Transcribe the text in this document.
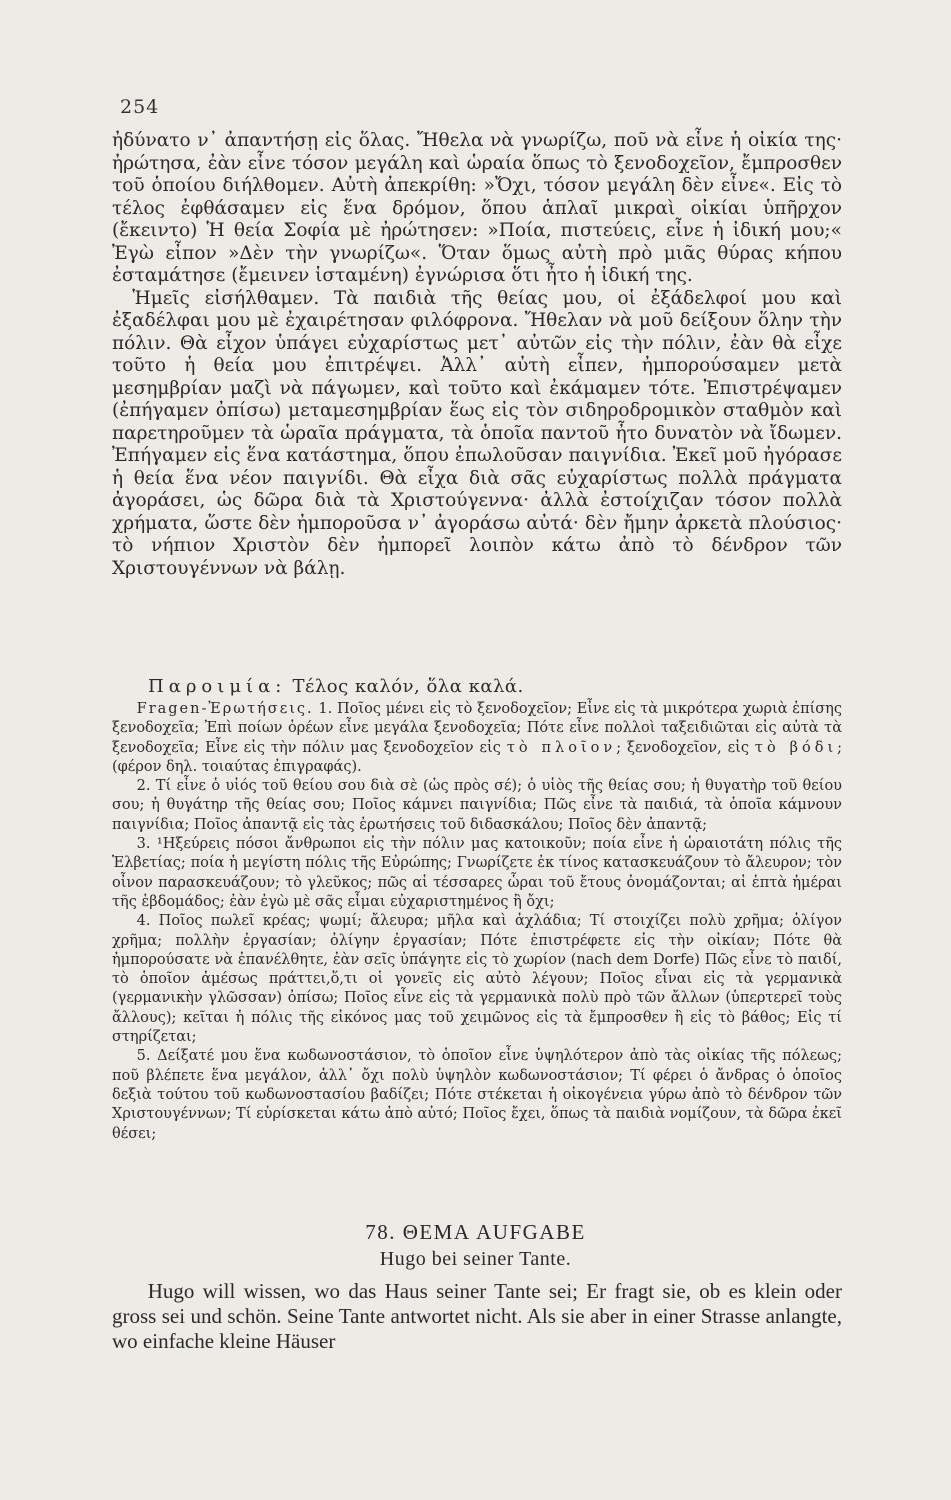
254

ἠδύνατο ν᾿ ἀπαντήσῃ εἰς ὅλας. Ἤθελα νὰ γνωρίζω, ποῦ νὰ εἶνε ἡ οἰκία της· ἠρώτησα, ἐὰν εἶνε τόσον μεγάλη καὶ ὡραία ὅπως τὸ ξενοδοχεῖον, ἔμπροσθεν τοῦ ὁποίου διήλθομεν. Αὐτὴ ἀπεκρίθη: »Ὄχι, τόσον μεγάλη δὲν εἶνε«. Εἰς τὸ τέλος ἐφθάσαμεν εἰς ἕνα δρόμον, ὅπου ἁπλαῖ μικραὶ οἰκίαι ὑπῆρχον (ἔκειντο) Ἡ θεία Σοφία μὲ ἠρώτησεν: »Ποία, πιστεύεις, εἶνε ἡ ἰδική μου;« Ἐγὼ εἶπον »Δὲν τὴν γνωρίζω«. Ὅταν ὅμως αὐτὴ πρὸ μιᾶς θύρας κήπου ἐσταμάτησε (ἔμεινεν ἱσταμένη) ἐγνώρισα ὅτι ἦτο ἡ ἰδική της.

Ἡμεῖς εἰσήλθαμεν. Τὰ παιδιὰ τῆς θείας μου, οἱ ἐξάδελφοί μου καὶ ἐξαδέλφαι μου μὲ ἐχαιρέτησαν φιλόφρονα. Ἤθελαν νὰ μοῦ δείξουν ὅλην τὴν πόλιν. Θὰ εἶχον ὑπάγει εὐχαρίστως μετ᾿ αὐτῶν εἰς τὴν πόλιν, ἐὰν θὰ εἶχε τοῦτο ἡ θεία μου ἐπιτρέψει. Ἀλλ᾿ αὐτὴ εἶπεν, ἠμπορούσαμεν μετὰ μεσημβρίαν μαζὶ νὰ πάγωμεν, καὶ τοῦτο καὶ ἐκάμαμεν τότε. Ἐπιστρέψαμεν (ἐπήγαμεν ὀπίσω) μεταμεσημβρίαν ἕως εἰς τὸν σιδηροδρομικὸν σταθμὸν καὶ παρετηροῦμεν τὰ ὡραῖα πράγματα, τὰ ὁποῖα παντοῦ ἦτο δυνατὸν νὰ ἴδωμεν. Ἐπήγαμεν εἰς ἕνα κατάστημα, ὅπου ἐπωλοῦσαν παιγνίδια. Ἐκεῖ μοῦ ἠγόρασε ἡ θεία ἕνα νέον παιγνίδι. Θὰ εἶχα διὰ σᾶς εὐχαρίστως πολλὰ πράγματα ἀγοράσει, ὡς δῶρα διὰ τὰ Χριστούγεννα· ἀλλὰ ἐστοίχιζαν τόσον πολλὰ χρήματα, ὥστε δὲν ἠμποροῦσα ν᾿ ἀγοράσω αὐτά· δὲν ἤμην ἀρκετὰ πλούσιος· τὸ νήπιον Χριστὸν δὲν ἠμπορεῖ λοιπὸν κάτω ἀπὸ τὸ δένδρον τῶν Χριστουγέννων νὰ βάλῃ.

Παροιμία: Τέλος καλόν, ὅλα καλά.

Fragen-Ἐρωτήσεις. 1. Ποῖος μένει εἰς τὸ ξενοδοχεῖον; Εἶνε εἰς τὰ μικρότερα χωριὰ ἐπίσης ξενοδοχεῖα; Ἐπὶ ποίων ὁρέων εἶνε μεγάλα ξενοδοχεῖα; Πότε εἶνε πολλοὶ ταξειδιῶται εἰς αὐτὰ τὰ ξενοδοχεῖα; Εἶνε εἰς τὴν πόλιν μας ξενοδοχεῖον εἰς τὸ πλοῖον; ξενοδοχεῖον, εἰς τὸ βόδι; (φέρον δηλ. τοιαύτας ἐπιγραφάς).

2. Τί εἶνε ὁ υἱός τοῦ θείου σου διὰ σὲ (ὡς πρὸς σέ); ὁ υἱὸς τῆς θείας σου; ἡ θυγατὴρ τοῦ θείου σου; ἡ θυγάτηρ τῆς θείας σου; Ποῖος κάμνει παιγνίδια; Πῶς εἶνε τὰ παιδιά, τὰ ὁποῖα κάμνουν παιγνίδια; Ποῖος ἀπαντᾷ εἰς τὰς ἐρωτήσεις τοῦ διδασκάλου; Ποῖος δὲν ἀπαντᾷ;

3. ¹Ηξεύρεις πόσοι ἄνθρωποι εἰς τὴν πόλιν μας κατοικοῦν; ποία εἶνε ἡ ὡραιοτάτη πόλις τῆς Ἑλβετίας; ποία ἡ μεγίστη πόλις τῆς Εὐρώπης; Γνωρίζετε ἐκ τίνος κατασκευάζουν τὸ ἄλευρον; τὸν οἶνον παρασκευάζουν; τὸ γλεῦκος; πῶς αἱ τέσσαρες ὧραι τοῦ ἔτους ὀνομάζονται; αἱ ἑπτὰ ἡμέραι τῆς ἑβδομάδος; ἐὰν ἐγὼ μὲ σᾶς εἶμαι εὐχαριστημένος ἢ ὄχι;

4. Ποῖος πωλεῖ κρέας; ψωμί; ἄλευρα; μῆλα καὶ ἀχλάδια; Τί στοιχίζει πολὺ χρῆμα; ὀλίγον χρῆμα; πολλὴν ἐργασίαν; ὀλίγην ἐργασίαν; Πότε ἐπιστρέφετε εἰς τὴν οἰκίαν; Πότε θὰ ἠμπορούσατε νὰ ἐπανέλθητε, ἐὰν σεῖς ὑπάγητε εἰς τὸ χωρίον (nach dem Dorfe) Πῶς εἶνε τὸ παιδί, τὸ ὁποῖον ἀμέσως πράττει,ὅ,τι οἱ γονεῖς εἰς αὐτὸ λέγουν; Ποῖος εἶναι εἰς τὰ γερμανικὰ (γερμανικὴν γλῶσσαν) ὀπίσω; Ποῖος εἶνε εἰς τὰ γερμανικὰ πολὺ πρὸ τῶν ἄλλων (ὑπερτερεῖ τοὺς ἄλλους); κεῖται ἡ πόλις τῆς εἰκόνος μας τοῦ χειμῶνος εἰς τὰ ἔμπροσθεν ἢ εἰς τὸ βάθος; Εἰς τί στηρίζεται;

5. Δείξατέ μου ἕνα κωδωνοστάσιον, τὸ ὁποῖον εἶνε ὑψηλότερον ἀπὸ τὰς οἰκίας τῆς πόλεως; ποῦ βλέπετε ἕνα μεγάλον, ἀλλ᾿ ὄχι πολὺ ὑψηλὸν κωδωνοστάσιον; Τί φέρει ὁ ἄνδρας ὁ ὁποῖος δεξιὰ τούτου τοῦ κωδωνοστασίου βαδίζει; Πότε στέκεται ἡ οἰκογένεια γύρω ἀπὸ τὸ δένδρον τῶν Χριστουγέννων; Τί εὑρίσκεται κάτω ἀπὸ αὐτό; Ποῖος ἔχει, ὅπως τὰ παιδιὰ νομίζουν, τὰ δῶρα ἐκεῖ θέσει;

78. ΘΕΜΑ AUFGABE
Hugo bei seiner Tante.

Hugo will wissen, wo das Haus seiner Tante sei; Er fragt sie, ob es klein oder gross sei und schön. Seine Tante antwortet nicht. Als sie aber in einer Strasse anlangte, wo einfache kleine Häuser
